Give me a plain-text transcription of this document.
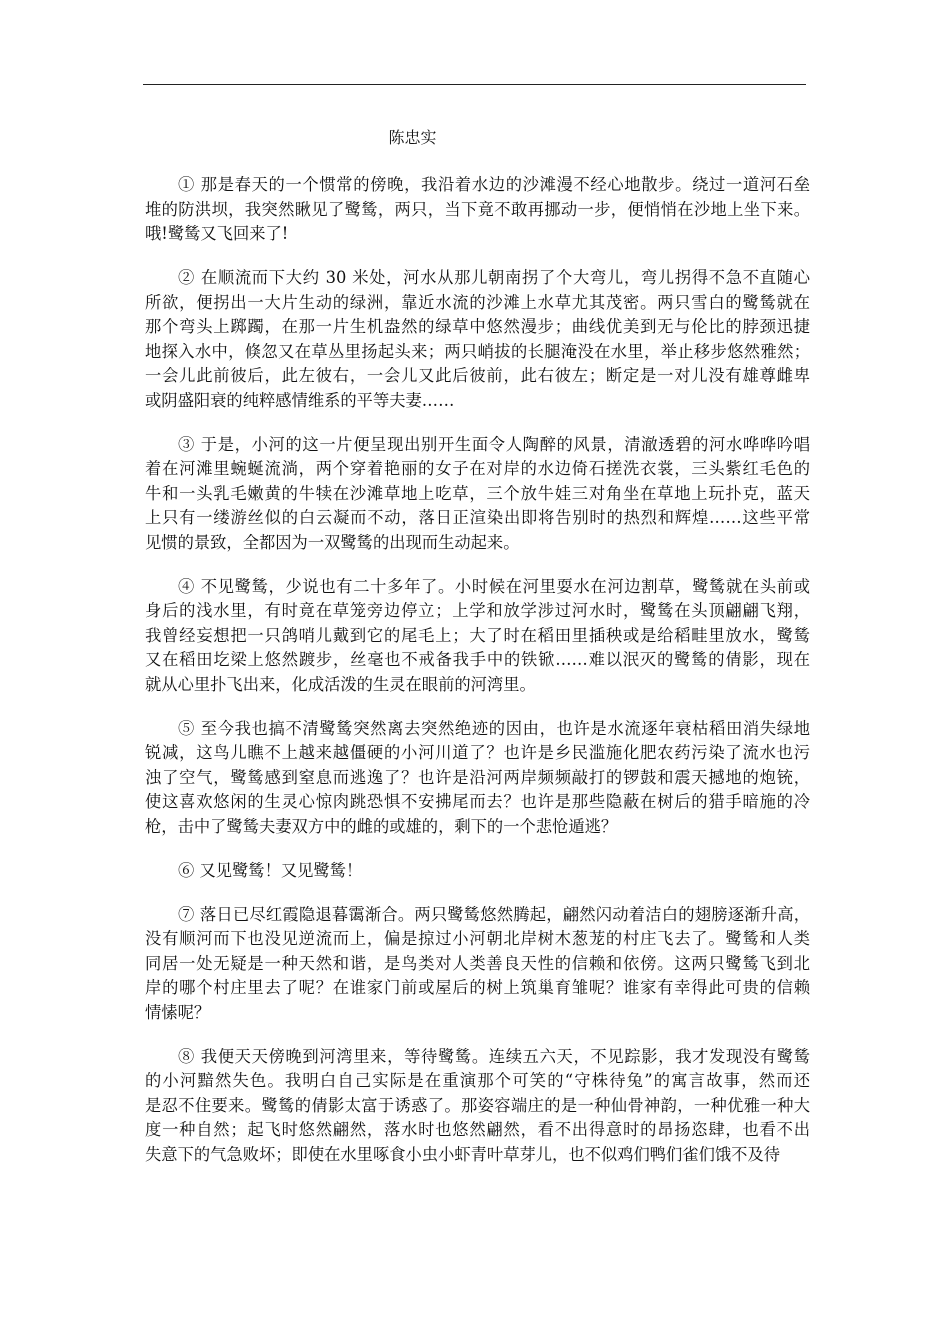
陈忠实
① 那是春天的一个惯常的傍晚，我沿着水边的沙滩漫不经心地散步。绕过一道河石垒
堆的防洪坝，我突然瞅见了鹭鸶，两只，当下竟不敢再挪动一步，便悄悄在沙地上坐下来。
哦!鹭鸶又飞回来了!
② 在顺流而下大约 30 米处，河水从那儿朝南拐了个大弯儿，弯儿拐得不急不直随心
所欲，便拐出一大片生动的绿洲，靠近水流的沙滩上水草尤其茂密。两只雪白的鹭鸶就在
那个弯头上踯躅，在那一片生机盎然的绿草中悠然漫步；曲线优美到无与伦比的脖颈迅捷
地探入水中，倏忽又在草丛里扬起头来；两只峭拔的长腿淹没在水里，举止移步悠然雅然；
一会儿此前彼后，此左彼右，一会儿又此后彼前，此右彼左；断定是一对儿没有雄尊雌卑
或阴盛阳衰的纯粹感情维系的平等夫妻……
③ 于是，小河的这一片便呈现出别开生面令人陶醉的风景，清澈透碧的河水哗哗吟唱
着在河滩里蜿蜒流淌，两个穿着艳丽的女子在对岸的水边倚石搓洗衣裳，三头紫红毛色的
牛和一头乳毛嫩黄的牛犊在沙滩草地上吃草，三个放牛娃三对角坐在草地上玩扑克，蓝天
上只有一缕游丝似的白云凝而不动，落日正渲染出即将告别时的热烈和辉煌……这些平常
见惯的景致，全都因为一双鹭鸶的出现而生动起来。
④ 不见鹭鸶，少说也有二十多年了。小时候在河里耍水在河边割草，鹭鸶就在头前或
身后的浅水里，有时竟在草笼旁边停立；上学和放学涉过河水时，鹭鸶在头顶翩翩飞翔，
我曾经妄想把一只鸽哨儿戴到它的尾毛上；大了时在稻田里插秧或是给稻畦里放水，鹭鸶
又在稻田圪梁上悠然踱步，丝毫也不戒备我手中的铁锨……难以泯灭的鹭鸶的倩影，现在
就从心里扑飞出来，化成活泼的生灵在眼前的河湾里。
⑤ 至今我也搞不清鹭鸶突然离去突然绝迹的因由，也许是水流逐年衰枯稻田消失绿地
锐减，这鸟儿瞧不上越来越僵硬的小河川道了？也许是乡民滥施化肥农药污染了流水也污
浊了空气，鹭鸶感到窒息而逃逸了？也许是沿河两岸频频敲打的锣鼓和震天撼地的炮铳，
使这喜欢悠闲的生灵心惊肉跳恐惧不安拂尾而去？也许是那些隐蔽在树后的猎手暗施的冷
枪，击中了鹭鸶夫妻双方中的雌的或雄的，剩下的一个悲怆遁逃？
⑥ 又见鹭鸶！又见鹭鸶！
⑦ 落日已尽红霞隐退暮霭渐合。两只鹭鸶悠然腾起，翩然闪动着洁白的翅膀逐渐升高，
没有顺河而下也没见逆流而上，偏是掠过小河朝北岸树木葱茏的村庄飞去了。鹭鸶和人类
同居一处无疑是一种天然和谐，是鸟类对人类善良天性的信赖和依傍。这两只鹭鸶飞到北
岸的哪个村庄里去了呢？在谁家门前或屋后的树上筑巢育雏呢？谁家有幸得此可贵的信赖
情愫呢？
⑧ 我便天天傍晚到河湾里来，等待鹭鸶。连续五六天，不见踪影，我才发现没有鹭鸶
的小河黯然失色。我明白自己实际是在重演那个可笑的“守株待兔”的寓言故事，然而还
是忍不住要来。鹭鸶的倩影太富于诱惑了。那姿容端庄的是一种仙骨神韵，一种优雅一种大
度一种自然；起飞时悠然翩然，落水时也悠然翩然，看不出得意时的昂扬恣肆，也看不出
失意下的气急败坏；即使在水里啄食小虫小虾青叶草芽儿，也不似鸡们鸭们雀们饿不及待
